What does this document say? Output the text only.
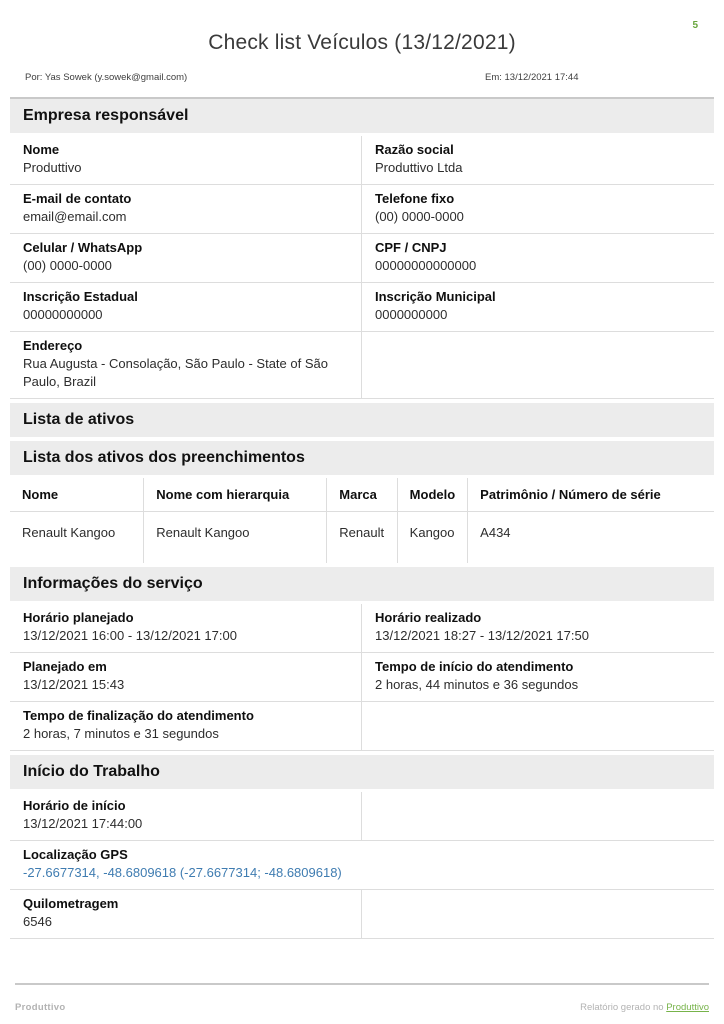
5
Check list Veículos (13/12/2021)
Por: Yas Sowek (y.sowek@gmail.com)	Em: 13/12/2021 17:44
Empresa responsável
Nome
Produttivo
Razão social
Produttivo Ltda
E-mail de contato
email@email.com
Telefone fixo
(00) 0000-0000
Celular / WhatsApp
(00) 0000-0000
CPF / CNPJ
00000000000000
Inscrição Estadual
00000000000
Inscrição Municipal
0000000000
Endereço
Rua Augusta - Consolação, São Paulo - State of São Paulo, Brazil
Lista de ativos
Lista dos ativos dos preenchimentos
Nome	Nome com hierarquia	Marca	Modelo	Patrimônio / Número de série
Renault Kangoo	Renault Kangoo	Renault	Kangoo	A434
Informações do serviço
Horário planejado
13/12/2021 16:00 - 13/12/2021 17:00
Horário realizado
13/12/2021 18:27 - 13/12/2021 17:50
Planejado em
13/12/2021 15:43
Tempo de início do atendimento
2 horas, 44 minutos e 36 segundos
Tempo de finalização do atendimento
2 horas, 7 minutos e 31 segundos
Início do Trabalho
Horário de início
13/12/2021 17:44:00
Localização GPS
-27.6677314, -48.6809618 (-27.6677314; -48.6809618)
Quilometragem
6546
Produttivo	Relatório gerado no Produttivo
